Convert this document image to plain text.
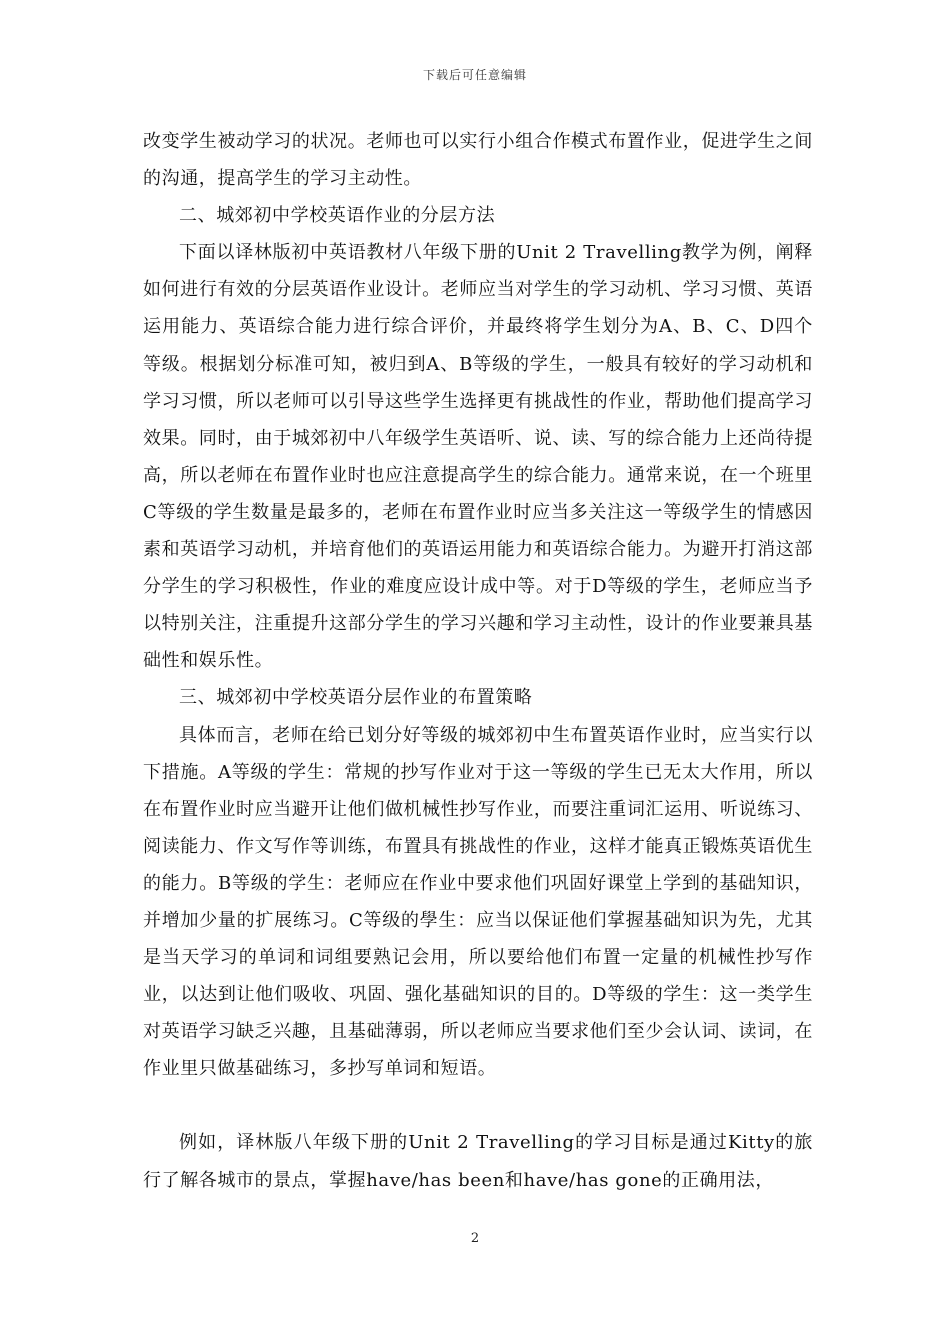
下载后可任意编辑

改变学生被动学习的状况。老师也可以实行小组合作模式布置作业，促进学生之间的沟通，提高学生的学习主动性。

二、城郊初中学校英语作业的分层方法

下面以译林版初中英语教材八年级下册的Unit 2 Travelling教学为例，阐释如何进行有效的分层英语作业设计。老师应当对学生的学习动机、学习习惯、英语运用能力、英语综合能力进行综合评价，并最终将学生划分为A、B、C、D四个等级。根据划分标准可知，被归到A、B等级的学生，一般具有较好的学习动机和学习习惯，所以老师可以引导这些学生选择更有挑战性的作业，帮助他们提高学习效果。同时，由于城郊初中八年级学生英语听、说、读、写的综合能力上还尚待提高，所以老师在布置作业时也应注意提高学生的综合能力。通常来说，在一个班里C等级的学生数量是最多的，老师在布置作业时应当多关注这一等级学生的情感因素和英语学习动机，并培育他们的英语运用能力和英语综合能力。为避开打消这部分学生的学习积极性，作业的难度应设计成中等。对于D等级的学生，老师应当予以特别关注，注重提升这部分学生的学习兴趣和学习主动性，设计的作业要兼具基础性和娱乐性。

三、城郊初中学校英语分层作业的布置策略

具体而言，老师在给已划分好等级的城郊初中生布置英语作业时，应当实行以下措施。A等级的学生：常规的抄写作业对于这一等级的学生已无太大作用，所以在布置作业时应当避开让他们做机械性抄写作业，而要注重词汇运用、听说练习、阅读能力、作文写作等训练，布置具有挑战性的作业，这样才能真正锻炼英语优生的能力。B等级的学生：老师应在作业中要求他们巩固好课堂上学到的基础知识，并增加少量的扩展练习。C等级的學生：应当以保证他们掌握基础知识为先，尤其是当天学习的单词和词组要熟记会用，所以要给他们布置一定量的机械性抄写作业，以达到让他们吸收、巩固、强化基础知识的目的。D等级的学生：这一类学生对英语学习缺乏兴趣，且基础薄弱，所以老师应当要求他们至少会认词、读词，在作业里只做基础练习，多抄写单词和短语。

例如，译林版八年级下册的Unit 2 Travelling的学习目标是通过Kitty的旅行了解各城市的景点，掌握have/has been和have/has gone的正确用法，

2
